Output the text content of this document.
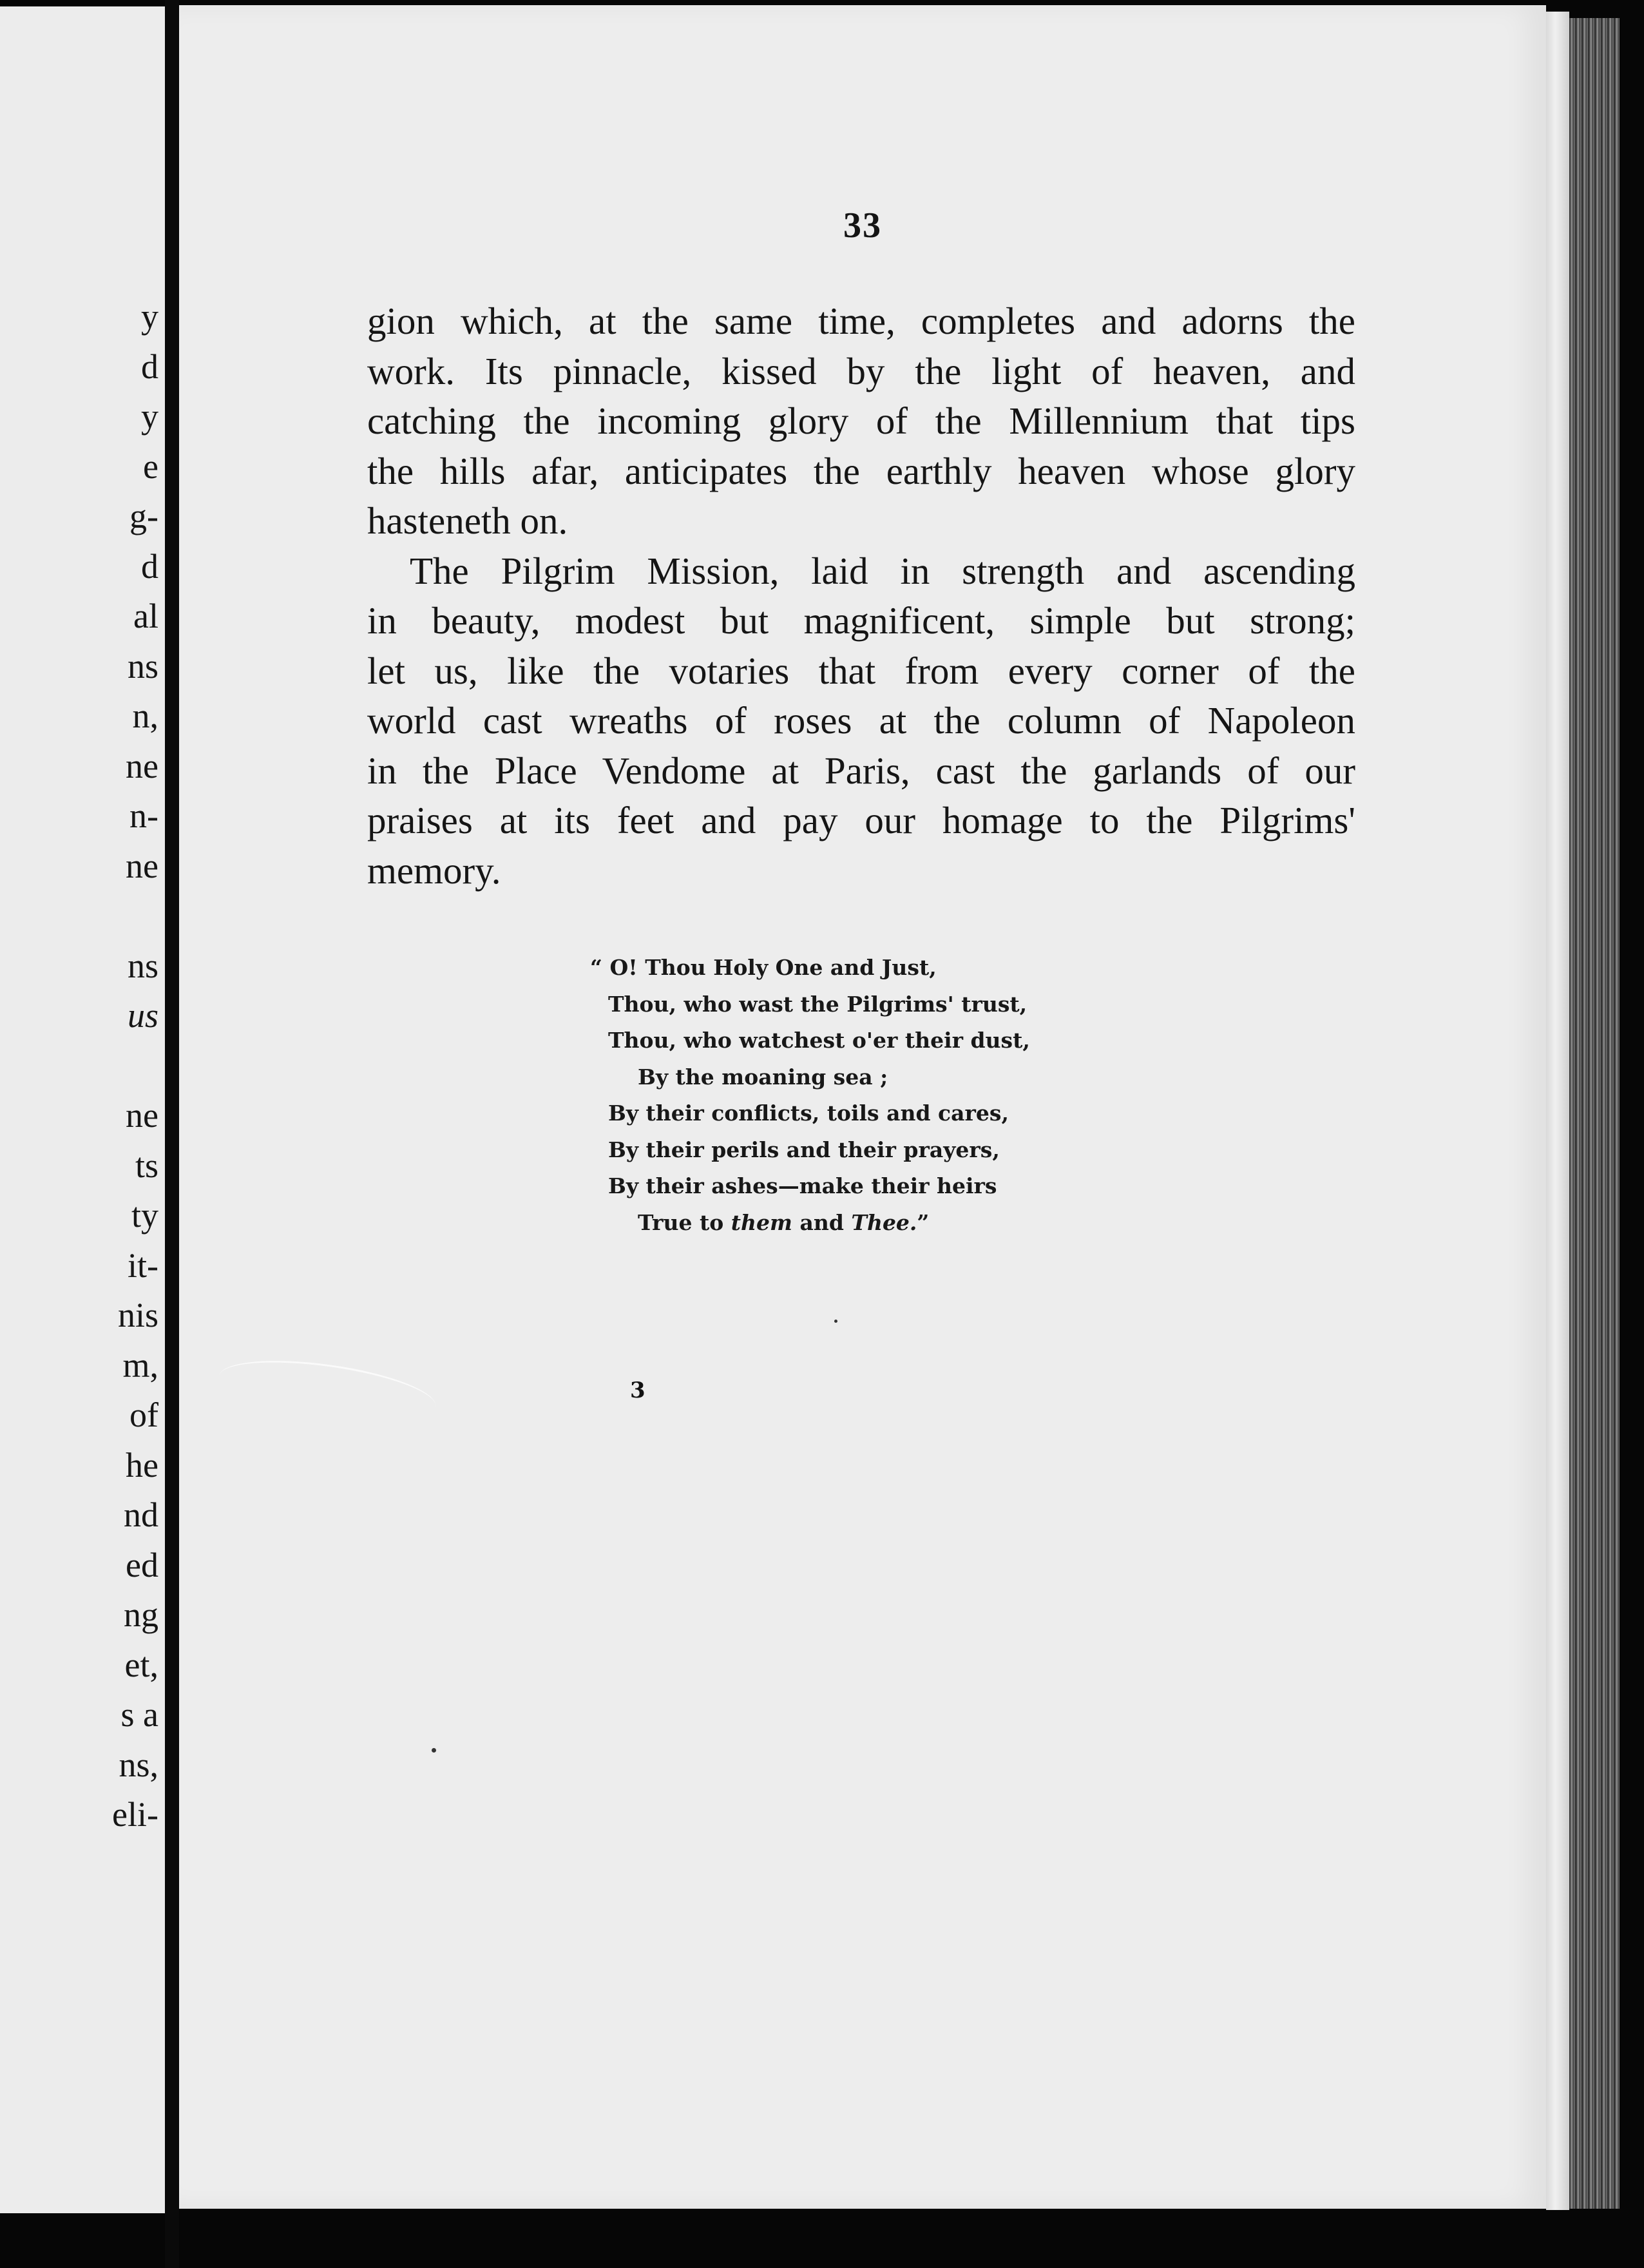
y
d
y
e
g-
d
al
ns
n,
ne
n-
ne
ns
us
ne
ts
ty
it-
nis
m,
of
he
nd
ed
ng
et,
s a
ns,
eli-
33
gion which, at the same time, completes and adorns the
work. Its pinnacle, kissed by the light of heaven, and
catching the incoming glory of the Millennium that tips
the hills afar, anticipates the earthly heaven whose glory
hasteneth on.
The Pilgrim Mission, laid in strength and ascending
in beauty, modest but magnificent, simple but strong;
let us, like the votaries that from every corner of the
world cast wreaths of roses at the column of Napoleon
in the Place Vendome at Paris, cast the garlands of our
praises at its feet and pay our homage to the Pilgrims'
memory.
“ O! Thou Holy One and Just,
Thou, who wast the Pilgrims' trust,
Thou, who watchest o'er their dust,
By the moaning sea ;
By their conflicts, toils and cares,
By their perils and their prayers,
By their ashes—make their heirs
True to them and Thee.”
3
